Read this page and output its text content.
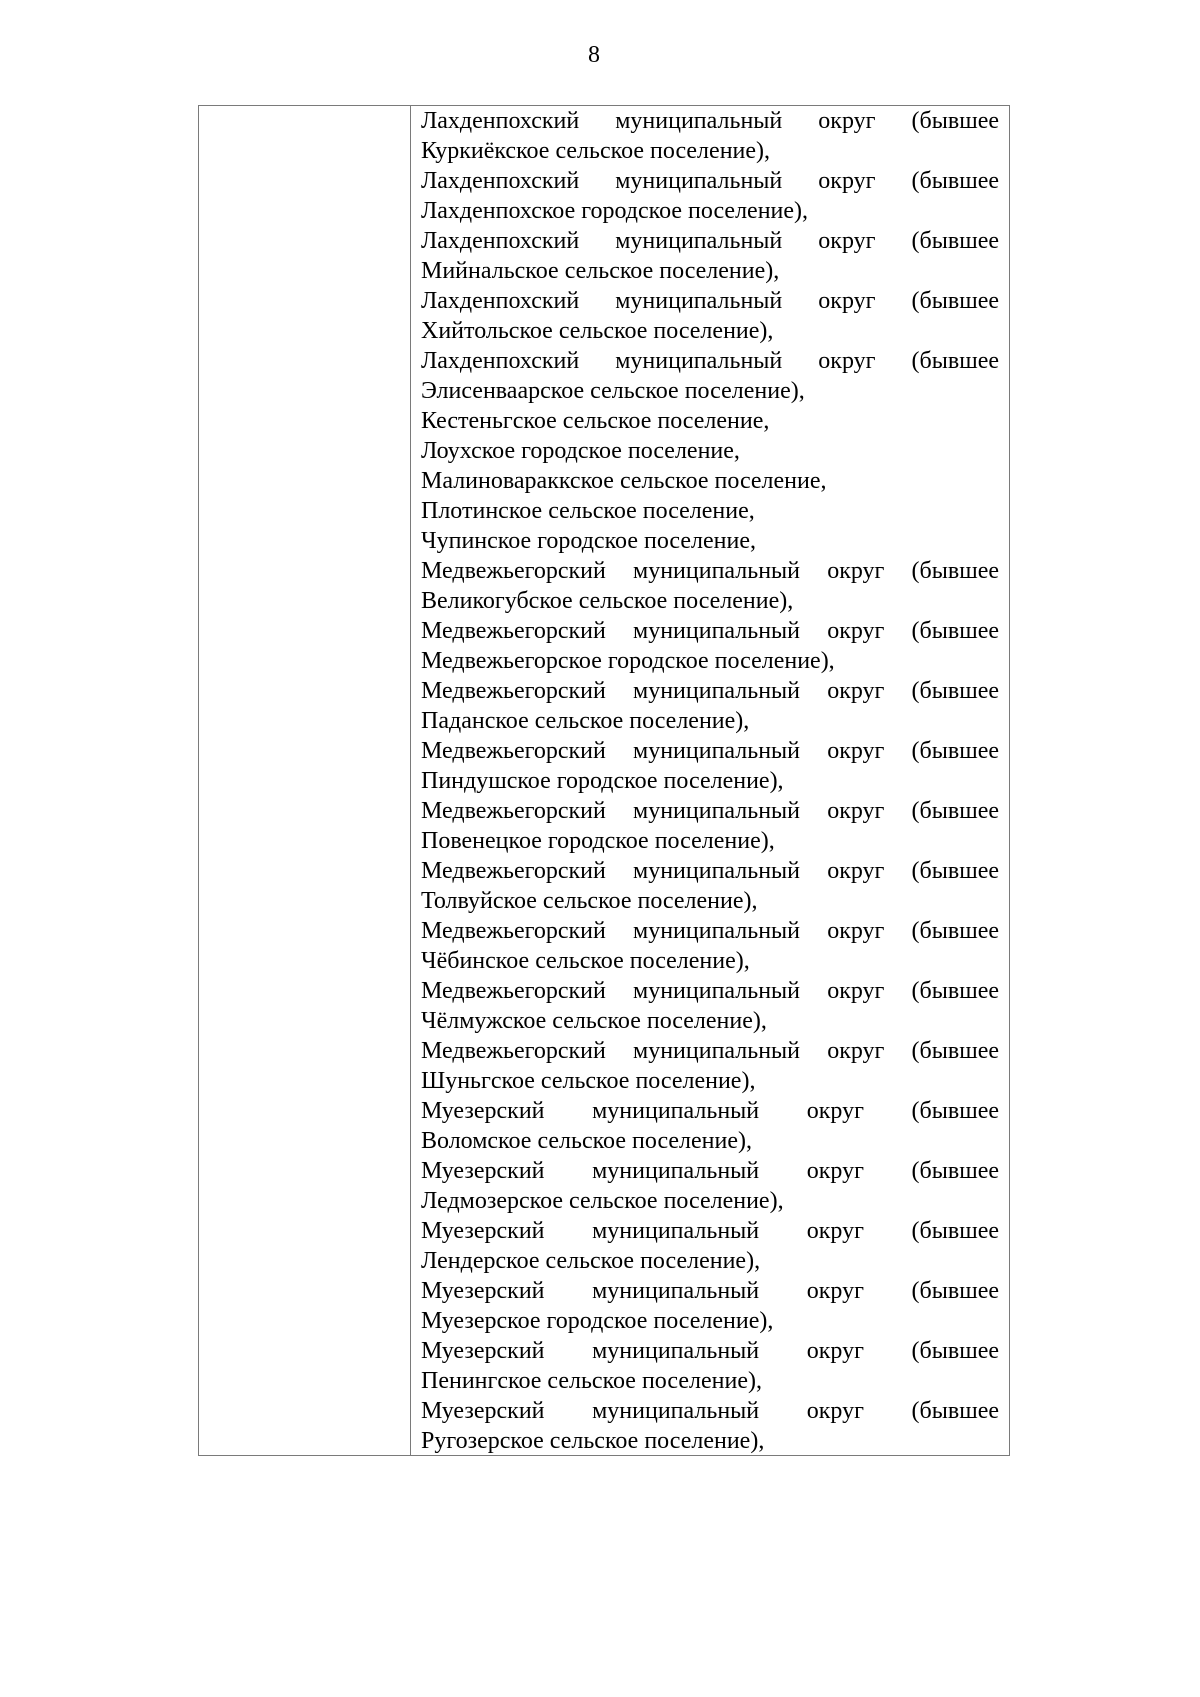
8
Лахденпохский муниципальный округ (бывшее
Куркиёкское сельское поселение),
Лахденпохский муниципальный округ (бывшее
Лахденпохское городское поселение),
Лахденпохский муниципальный округ (бывшее
Мийнальское сельское поселение),
Лахденпохский муниципальный округ (бывшее
Хийтольское сельское поселение),
Лахденпохский муниципальный округ (бывшее
Элисенваарское сельское поселение),
Кестеньгское сельское поселение,
Лоухское городское поселение,
Малиновараккское сельское поселение,
Плотинское сельское поселение,
Чупинское городское поселение,
Медвежьегорский муниципальный округ (бывшее
Великогубское сельское поселение),
Медвежьегорский муниципальный округ (бывшее
Медвежьегорское городское поселение),
Медвежьегорский муниципальный округ (бывшее
Паданское сельское поселение),
Медвежьегорский муниципальный округ (бывшее
Пиндушское городское поселение),
Медвежьегорский муниципальный округ (бывшее
Повенецкое городское поселение),
Медвежьегорский муниципальный округ (бывшее
Толвуйское сельское поселение),
Медвежьегорский муниципальный округ (бывшее
Чёбинское сельское поселение),
Медвежьегорский муниципальный округ (бывшее
Чёлмужское сельское поселение),
Медвежьегорский муниципальный округ (бывшее
Шуньгское сельское поселение),
Муезерский муниципальный округ (бывшее
Воломское сельское поселение),
Муезерский муниципальный округ (бывшее
Ледмозерское сельское поселение),
Муезерский муниципальный округ (бывшее
Лендерское сельское поселение),
Муезерский муниципальный округ (бывшее
Муезерское городское поселение),
Муезерский муниципальный округ (бывшее
Пенингское сельское поселение),
Муезерский муниципальный округ (бывшее
Ругозерское сельское поселение),
